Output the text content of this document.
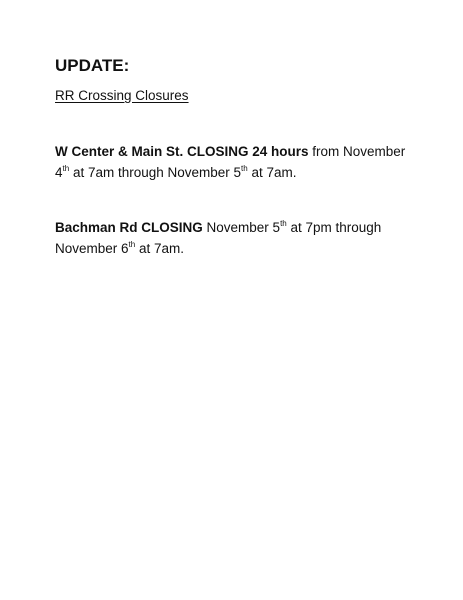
UPDATE:

RR Crossing Closures

W Center & Main St. CLOSING 24 hours from November 4th at 7am through November 5th at 7am.

Bachman Rd CLOSING November 5th at 7pm through November 6th at 7am.
